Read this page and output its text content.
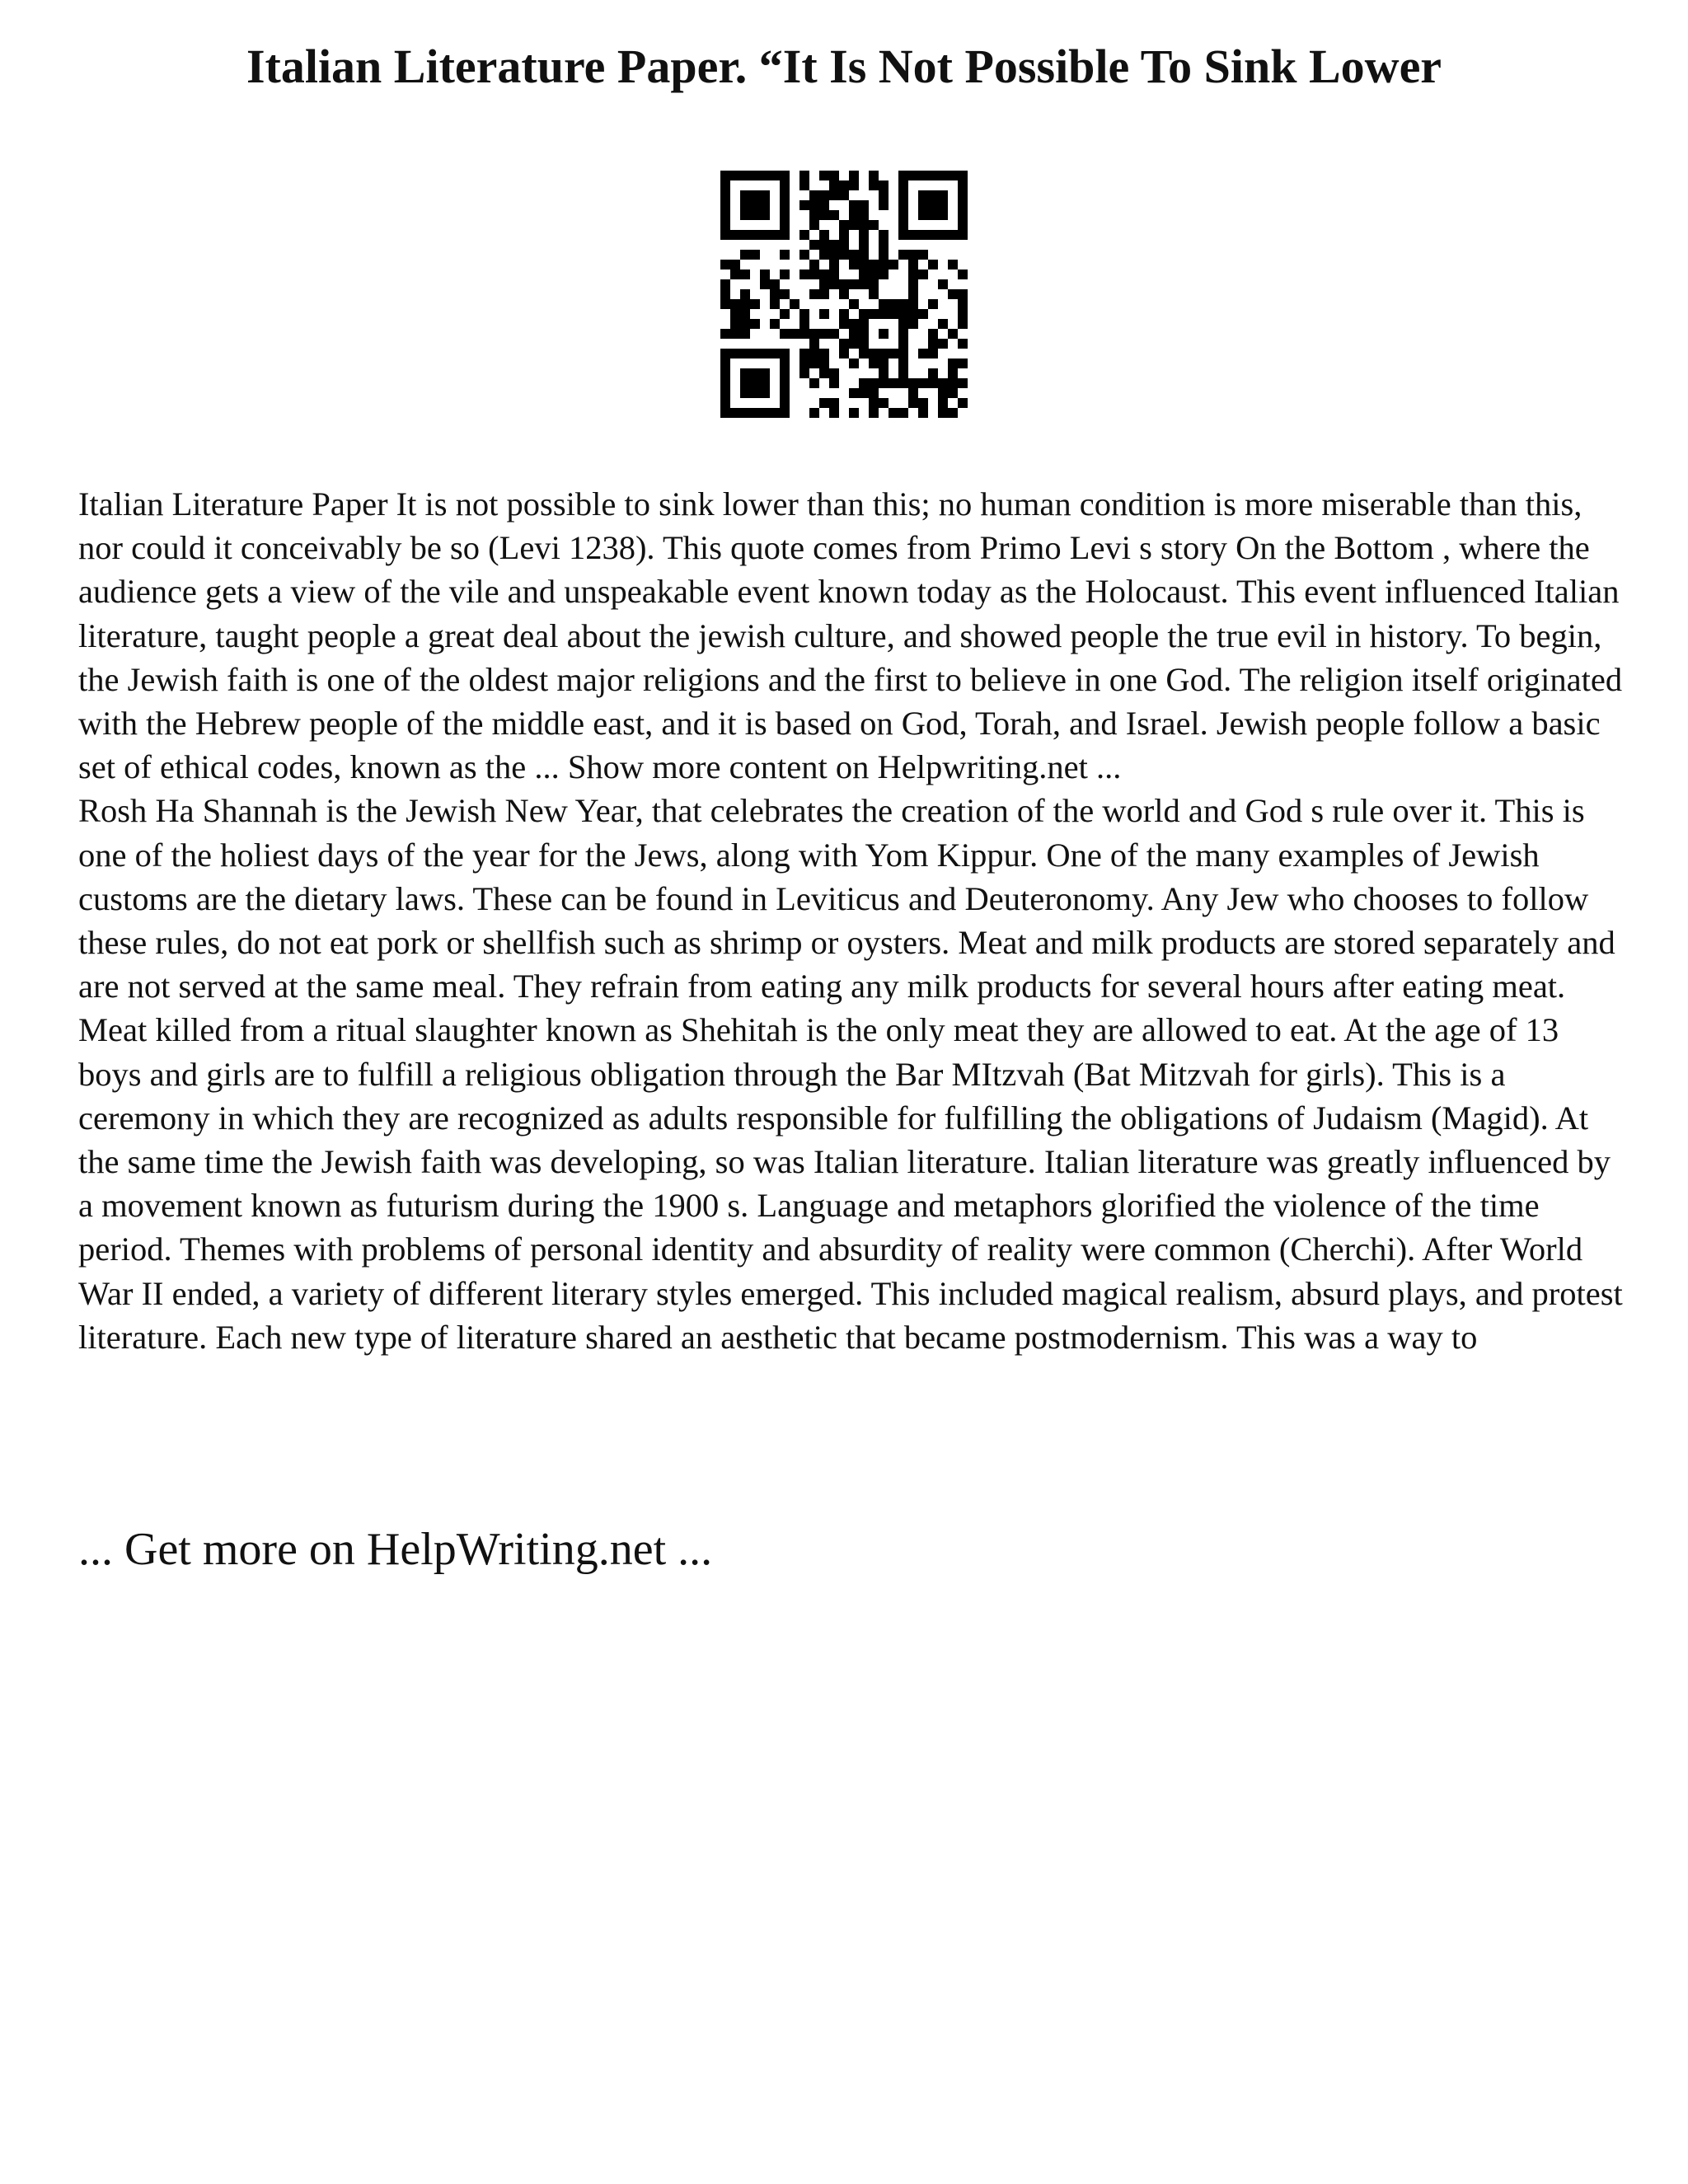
Italian Literature Paper. “It Is Not Possible To Sink Lower

Italian Literature Paper It is not possible to sink lower than this; no human condition is more miserable than this, nor could it conceivably be so (Levi 1238). This quote comes from Primo Levi s story On the Bottom , where the audience gets a view of the vile and unspeakable event known today as the Holocaust. This event influenced Italian literature, taught people a great deal about the jewish culture, and showed people the true evil in history. To begin, the Jewish faith is one of the oldest major religions and the first to believe in one God. The religion itself originated with the Hebrew people of the middle east, and it is based on God, Torah, and Israel. Jewish people follow a basic set of ethical codes, known as the ... Show more content on Helpwriting.net ...

Rosh Ha Shannah is the Jewish New Year, that celebrates the creation of the world and God s rule over it. This is one of the holiest days of the year for the Jews, along with Yom Kippur. One of the many examples of Jewish customs are the dietary laws. These can be found in Leviticus and Deuteronomy. Any Jew who chooses to follow these rules, do not eat pork or shellfish such as shrimp or oysters. Meat and milk products are stored separately and are not served at the same meal. They refrain from eating any milk products for several hours after eating meat. Meat killed from a ritual slaughter known as Shehitah is the only meat they are allowed to eat. At the age of 13 boys and girls are to fulfill a religious obligation through the Bar MItzvah (Bat Mitzvah for girls). This is a ceremony in which they are recognized as adults responsible for fulfilling the obligations of Judaism (Magid). At the same time the Jewish faith was developing, so was Italian literature. Italian literature was greatly influenced by a movement known as futurism during the 1900 s. Language and metaphors glorified the violence of the time period. Themes with problems of personal identity and absurdity of reality were common (Cherchi). After World War II ended, a variety of different literary styles emerged. This included magical realism, absurd plays, and protest literature. Each new type of literature shared an aesthetic that became postmodernism. This was a way to

... Get more on HelpWriting.net ...
